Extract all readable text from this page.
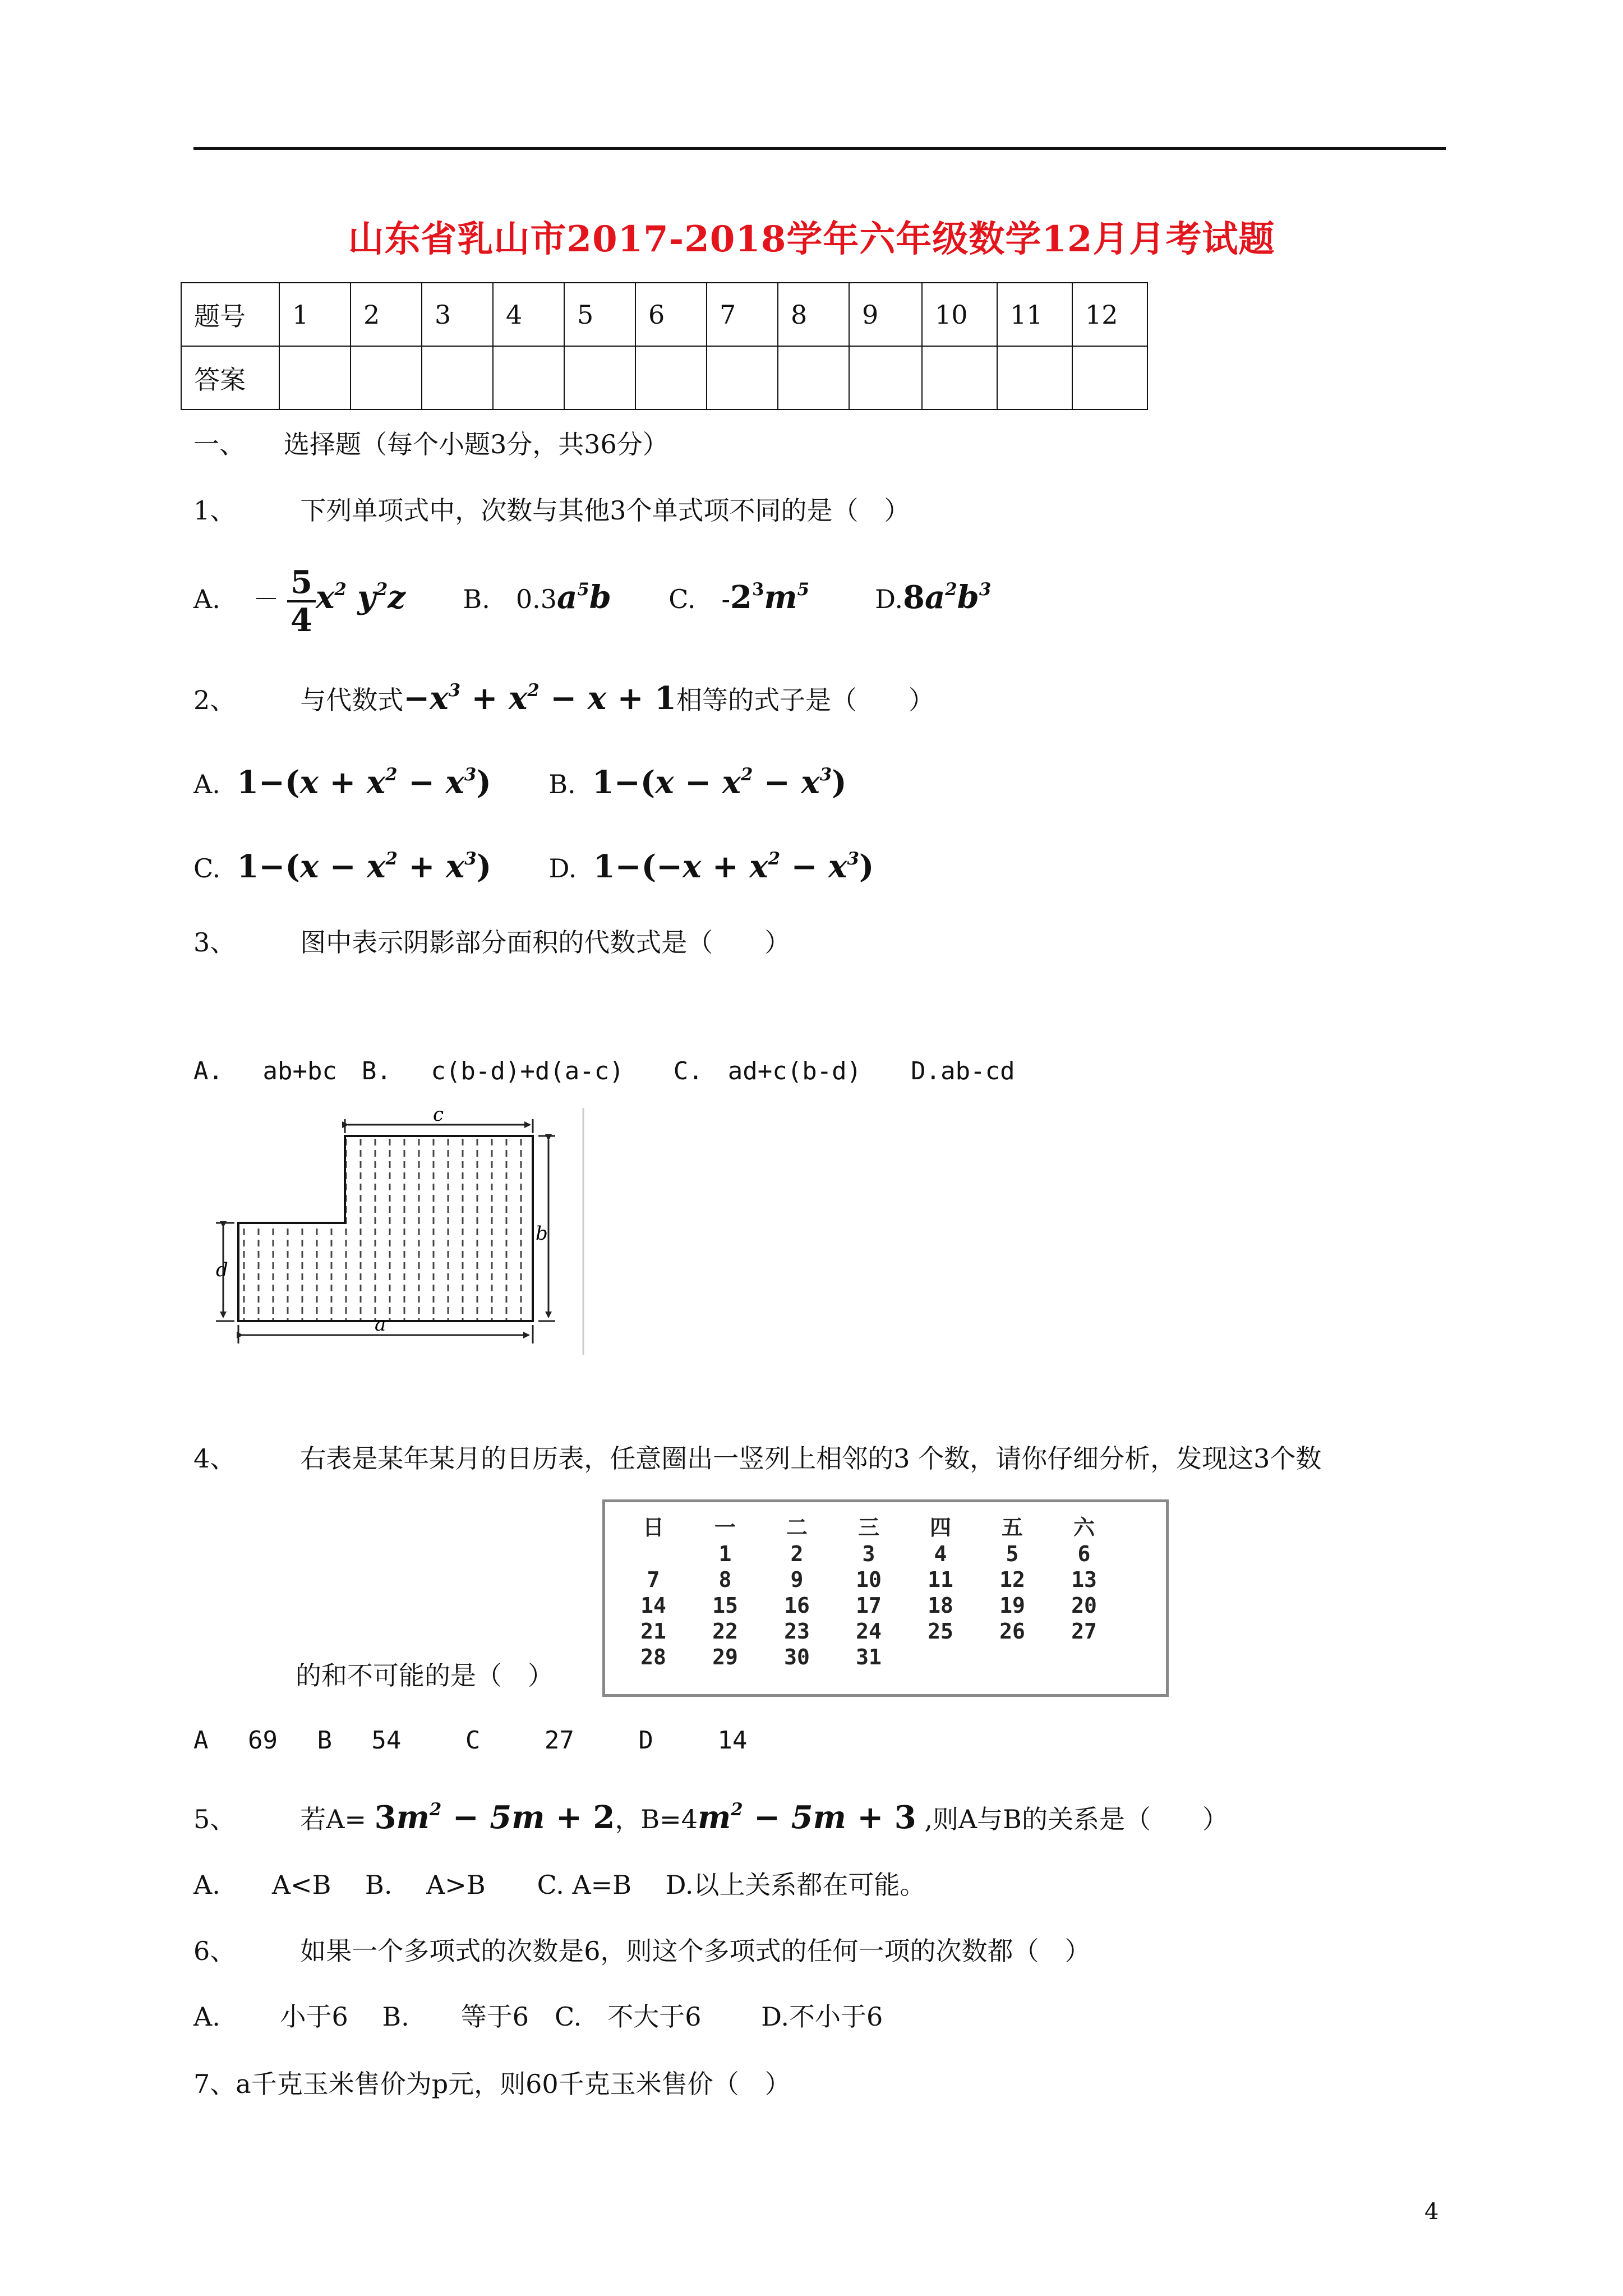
山东省乳山市2017-2018学年六年级数学12月月考试题
题号	1	2	3	4	5	6	7	8	9	10	11	12
答案												
一、　　选择题（每个小题3分，共36分）
1、　　　下列单项式中，次数与其他3个单式项不同的是（　）
A. － $\frac{5}{4} x^2$ $y^2z$ B.　$0.3a^5b$ C.　$-2^3m^5$	$D.8a^2b^3$
2、　　　与代数式$-x^3 + x^2 - x + 1$相等的式子是（　　）
A. $1-(x + x^2 - x^3)$ B. $1-(x - x^2 - x^3)$
C. $1-(x - x^2 + x^3)$ D. $1-(-x + x^2 - x^3)$
3、　　　图中表示阴影部分面积的代数式是（　　）
A.　 ab+bc　B.　 c(b-d)+d(a-c)　　C.　ad+c(b-d)　　D.ab-cd
c
b
d
a
4、　　　右表是某年某月的日历表，任意圈出一竖列上相邻的3 个数，请你仔细分析，发现这3个数
日	一	二	三	四	五	六
	1	2	3	4	5	6
7	8	9	10	11	12	13
14	15	16	17	18	19	20
21	22	23	24	25	26	27
28	29	30	31			
的和不可能的是（　）
A　 69　 B　 54　　 C　　 27　　 D　　 14
5、　　　若$A= 3m^2 - 5m + 2$，$B=4m^2 - 5m + 3$ ,则A与B的关系是（　　）
A.　　A<B　 B.　 A>B　　C. A=B　 D.以上关系都在可能。
6、　　　如果一个多项式的次数是6，则这个多项式的任何一项的次数都（　）
A.　　 小于6　 B.　　等于6　C.　不大于6　　 D.不小于6
7、a千克玉米售价为p元，则60千克玉米售价（　）
4
